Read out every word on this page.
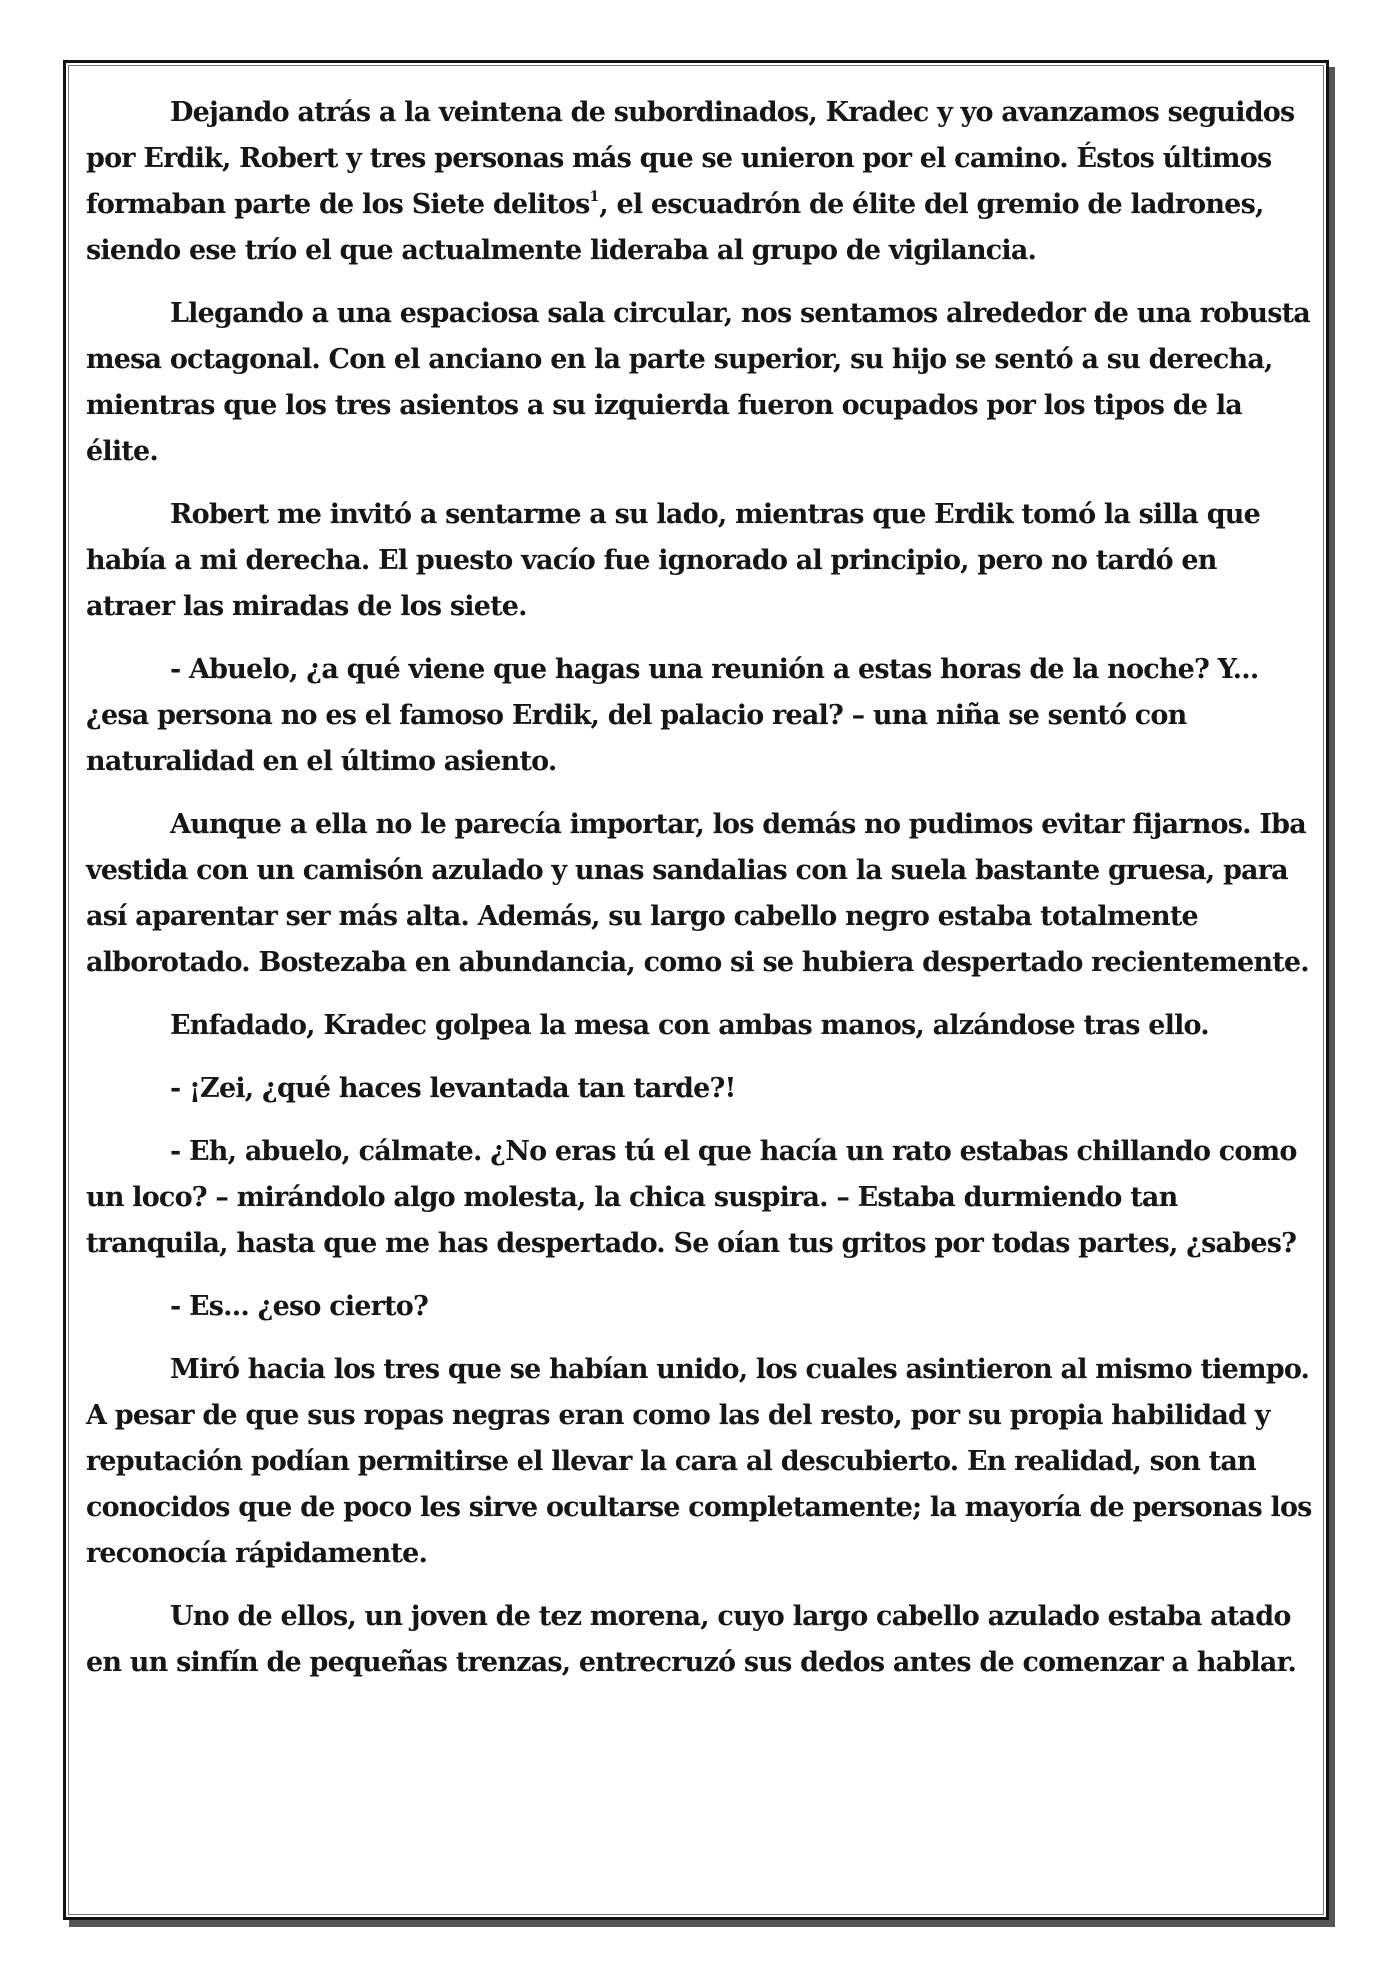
Dejando atrás a la veintena de subordinados, Kradec y yo avanzamos seguidos por Erdik, Robert y tres personas más que se unieron por el camino. Éstos últimos formaban parte de los Siete delitos$^1$, el escuadrón de élite del gremio de ladrones, siendo ese trío el que actualmente lideraba al grupo de vigilancia.

Llegando a una espaciosa sala circular, nos sentamos alrededor de una robusta mesa octagonal. Con el anciano en la parte superior, su hijo se sentó a su derecha, mientras que los tres asientos a su izquierda fueron ocupados por los tipos de la élite.

Robert me invitó a sentarme a su lado, mientras que Erdik tomó la silla que había a mi derecha. El puesto vacío fue ignorado al principio, pero no tardó en atraer las miradas de los siete.

- Abuelo, ¿a qué viene que hagas una reunión a estas horas de la noche? Y... ¿esa persona no es el famoso Erdik, del palacio real? – una niña se sentó con naturalidad en el último asiento.

Aunque a ella no le parecía importar, los demás no pudimos evitar fijarnos. Iba vestida con un camisón azulado y unas sandalias con la suela bastante gruesa, para así aparentar ser más alta. Además, su largo cabello negro estaba totalmente alborotado. Bostezaba en abundancia, como si se hubiera despertado recientemente.

Enfadado, Kradec golpea la mesa con ambas manos, alzándose tras ello.

- ¡Zei, ¿qué haces levantada tan tarde?!

- Eh, abuelo, cálmate. ¿No eras tú el que hacía un rato estabas chillando como un loco? – mirándolo algo molesta, la chica suspira. – Estaba durmiendo tan tranquila, hasta que me has despertado. Se oían tus gritos por todas partes, ¿sabes?

- Es... ¿eso cierto?

Miró hacia los tres que se habían unido, los cuales asintieron al mismo tiempo. A pesar de que sus ropas negras eran como las del resto, por su propia habilidad y reputación podían permitirse el llevar la cara al descubierto. En realidad, son tan conocidos que de poco les sirve ocultarse completamente; la mayoría de personas los reconocía rápidamente.

Uno de ellos, un joven de tez morena, cuyo largo cabello azulado estaba atado en un sinfín de pequeñas trenzas, entrecruzó sus dedos antes de comenzar a hablar.
